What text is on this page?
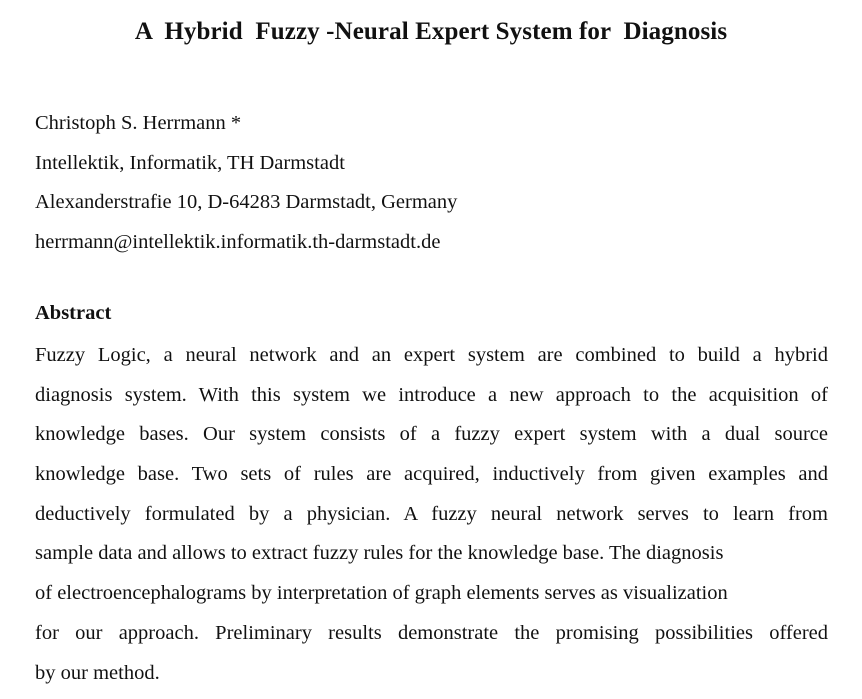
A  Hybrid  Fuzzy -Neural Expert System for  Diagnosis
Christoph S. Herrmann *
Intellektik, Informatik, TH Darmstadt
Alexanderstrafie 10, D-64283 Darmstadt, Germany
herrmann@intellektik.informatik.th-darmstadt.de
Abstract
Fuzzy Logic, a neural network and an expert system are combined to build a hybrid
diagnosis system. With this system we introduce a new approach to the acquisition of
knowledge bases. Our system consists of a fuzzy expert system with a dual source
knowledge base. Two sets of rules are acquired, inductively from given examples and
deductively formulated by a physician. A fuzzy neural network serves to learn from
sample data and allows to extract fuzzy rules for the knowledge base. The diagnosis
of electroencephalograms by interpretation of graph elements serves as visualization
for our approach. Preliminary results demonstrate the promising possibilities offered
by our method.
